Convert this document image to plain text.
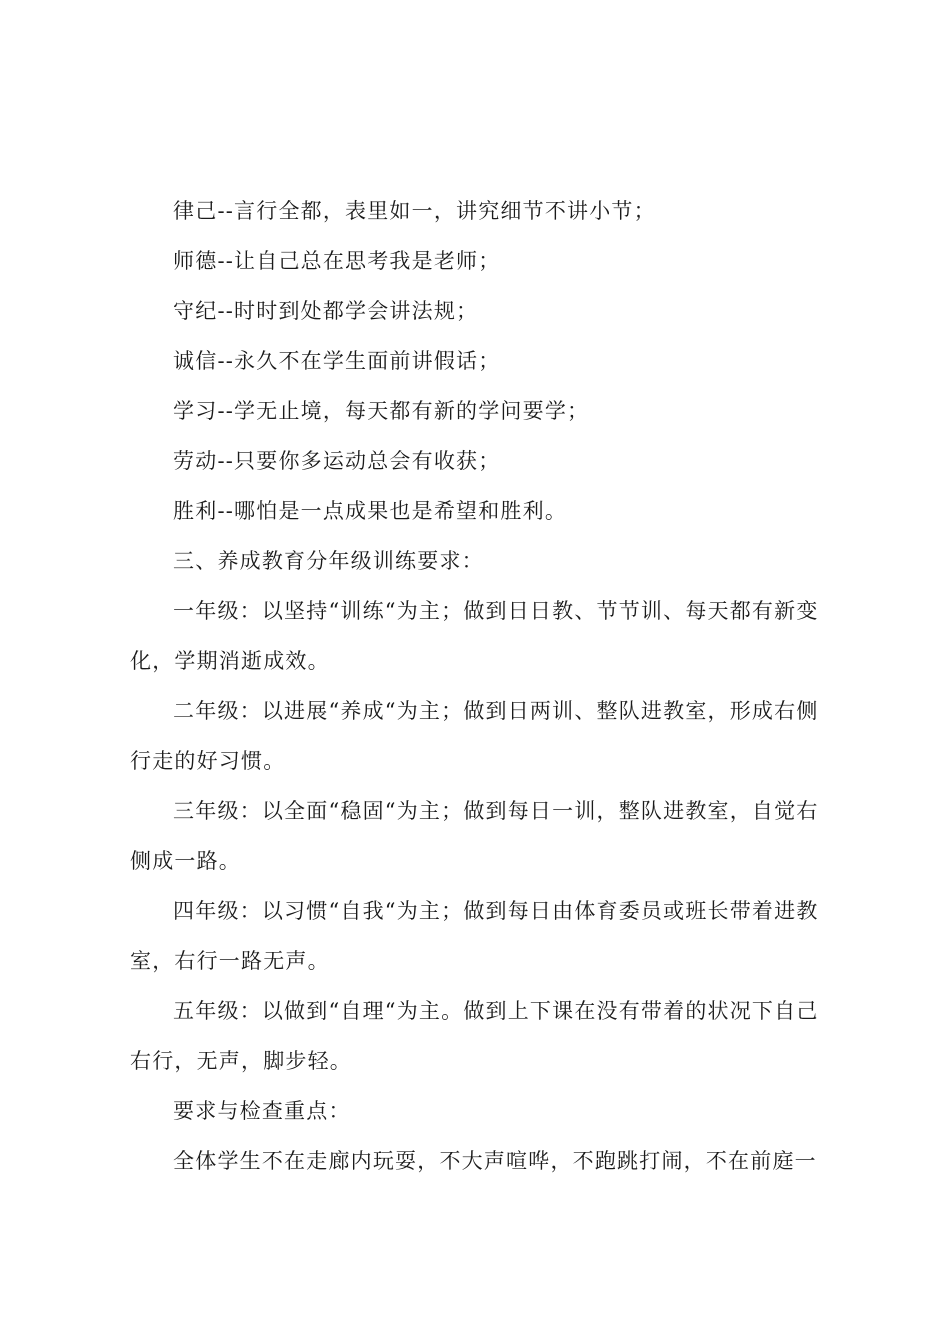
律己--言行全都，表里如一，讲究细节不讲小节；

师德--让自己总在思考我是老师；

守纪--时时到处都学会讲法规；

诚信--永久不在学生面前讲假话；

学习--学无止境，每天都有新的学问要学；

劳动--只要你多运动总会有收获；

胜利--哪怕是一点成果也是希望和胜利。

三、养成教育分年级训练要求：

一年级：以坚持“训练“为主；做到日日教、节节训、每天都有新变化，学期消逝成效。

二年级：以进展“养成“为主；做到日两训、整队进教室，形成右侧行走的好习惯。

三年级：以全面“稳固“为主；做到每日一训，整队进教室，自觉右侧成一路。

四年级：以习惯“自我“为主；做到每日由体育委员或班长带着进教室，右行一路无声。

五年级：以做到“自理“为主。做到上下课在没有带着的状况下自己右行，无声，脚步轻。

要求与检查重点：

全体学生不在走廊内玩耍，不大声喧哗，不跑跳打闹，不在前庭一
